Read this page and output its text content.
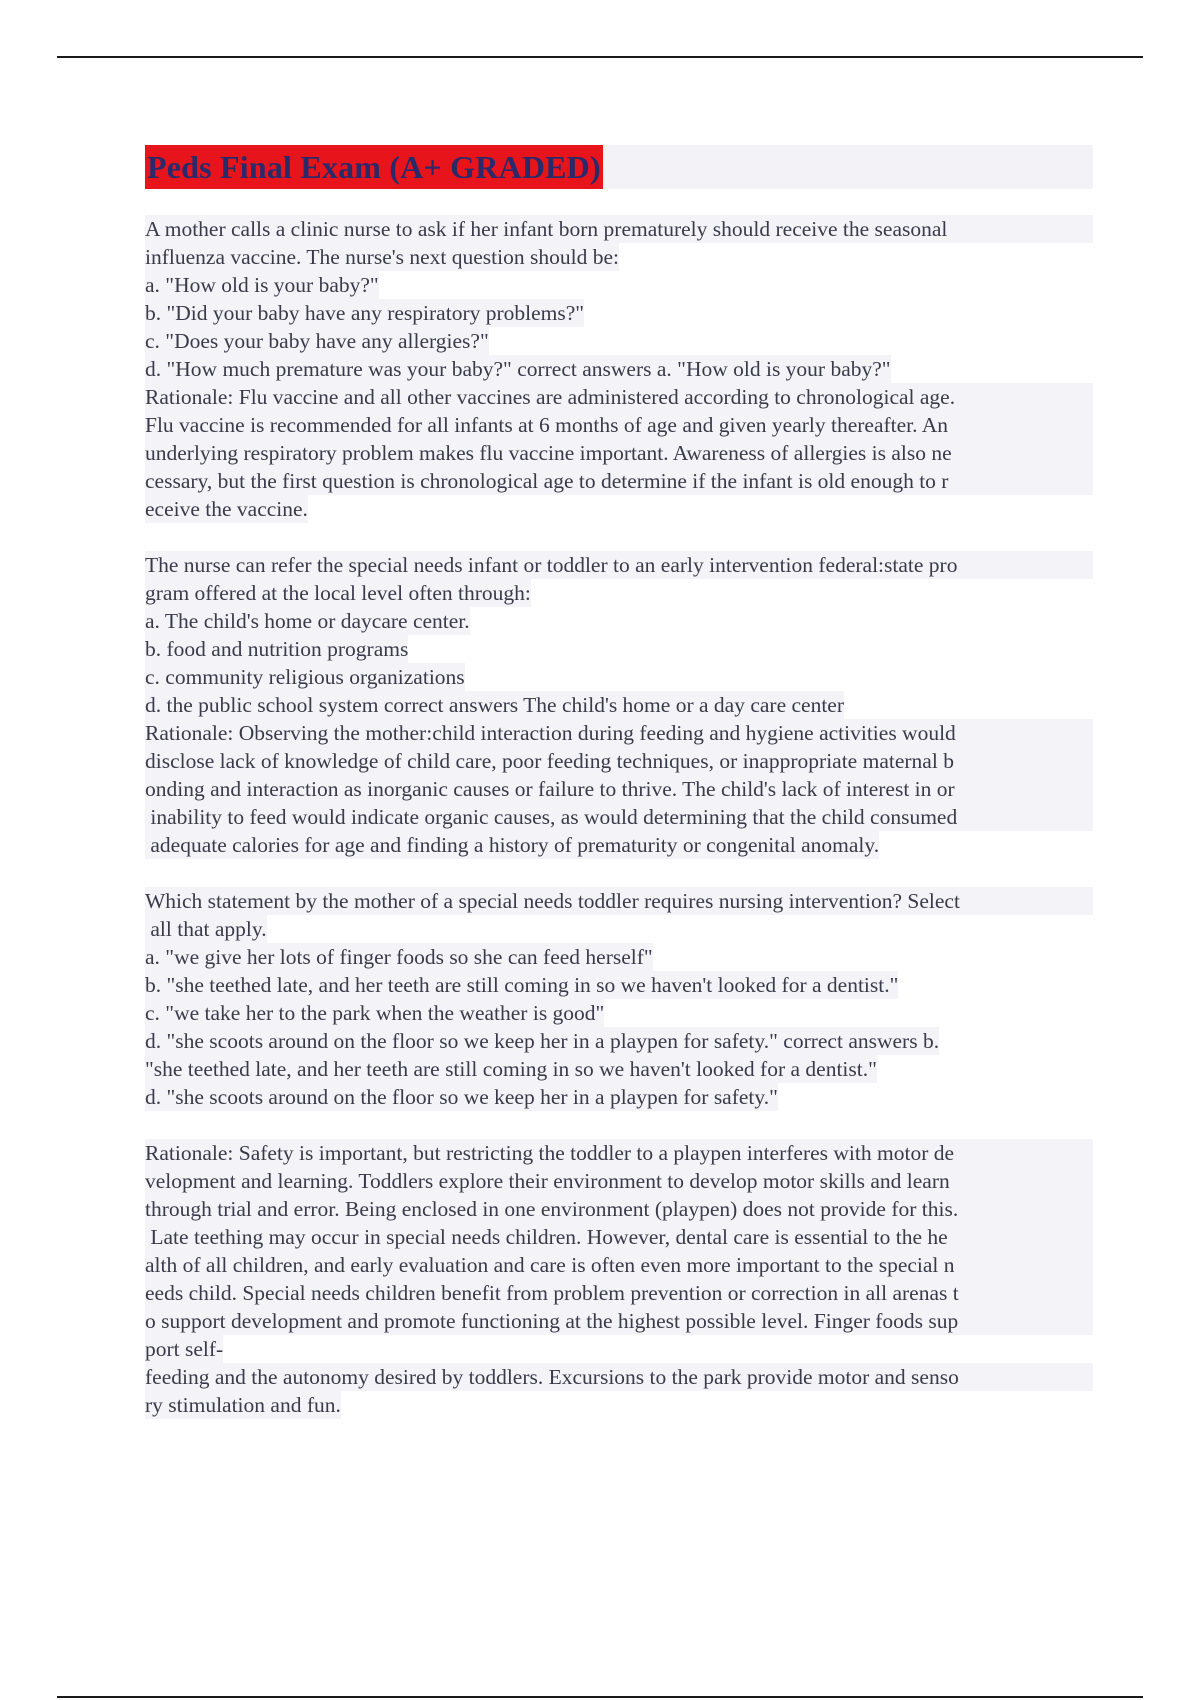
Peds Final Exam (A+ GRADED)
A mother calls a clinic nurse to ask if her infant born prematurely should receive the seasonal
influenza vaccine. The nurse's next question should be:
a. "How old is your baby?"
b. "Did your baby have any respiratory problems?"
c. "Does your baby have any allergies?"
d. "How much premature was your baby?" correct answers a. "How old is your baby?"
Rationale: Flu vaccine and all other vaccines are administered according to chronological age.
Flu vaccine is recommended for all infants at 6 months of age and given yearly thereafter. An
underlying respiratory problem makes flu vaccine important. Awareness of allergies is also ne
cessary, but the first question is chronological age to determine if the infant is old enough to r
eceive the vaccine.
The nurse can refer the special needs infant or toddler to an early intervention federal:state pro
gram offered at the local level often through:
a. The child's home or daycare center.
b. food and nutrition programs
c. community religious organizations
d. the public school system correct answers The child's home or a day care center
Rationale: Observing the mother:child interaction during feeding and hygiene activities would
disclose lack of knowledge of child care, poor feeding techniques, or inappropriate maternal b
onding and interaction as inorganic causes or failure to thrive. The child's lack of interest in or
inability to feed would indicate organic causes, as would determining that the child consumed
adequate calories for age and finding a history of prematurity or congenital anomaly.
Which statement by the mother of a special needs toddler requires nursing intervention? Select
all that apply.
a. "we give her lots of finger foods so she can feed herself"
b. "she teethed late, and her teeth are still coming in so we haven't looked for a dentist."
c. "we take her to the park when the weather is good"
d. "she scoots around on the floor so we keep her in a playpen for safety." correct answers b.
"she teethed late, and her teeth are still coming in so we haven't looked for a dentist."
d. "she scoots around on the floor so we keep her in a playpen for safety."
Rationale: Safety is important, but restricting the toddler to a playpen interferes with motor de
velopment and learning. Toddlers explore their environment to develop motor skills and learn
through trial and error. Being enclosed in one environment (playpen) does not provide for this.
Late teething may occur in special needs children. However, dental care is essential to the he
alth of all children, and early evaluation and care is often even more important to the special n
eeds child. Special needs children benefit from problem prevention or correction in all arenas t
o support development and promote functioning at the highest possible level. Finger foods sup
port self-
feeding and the autonomy desired by toddlers. Excursions to the park provide motor and senso
ry stimulation and fun.
